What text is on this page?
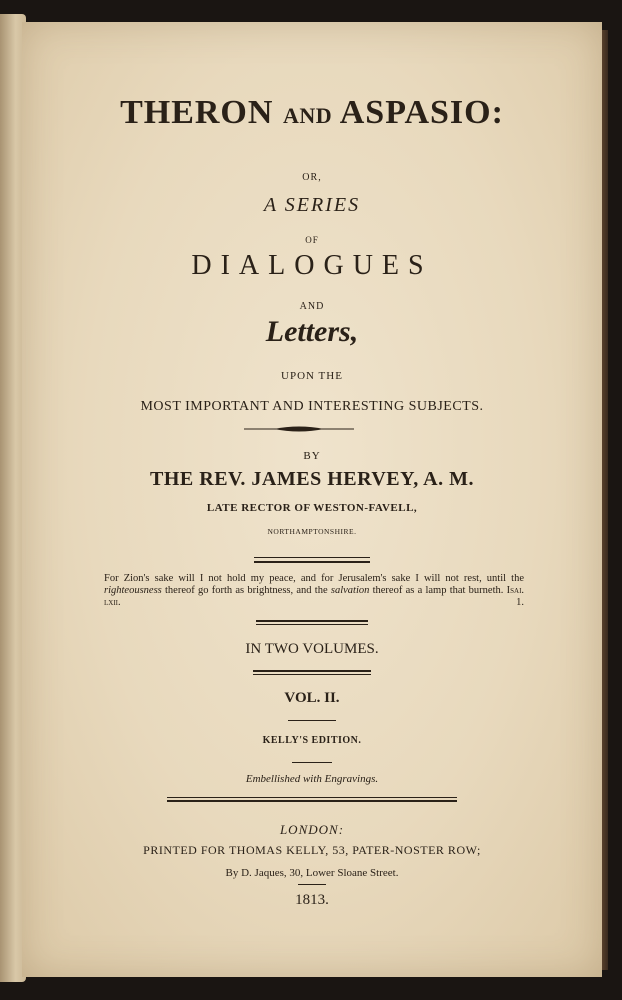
THERON AND ASPASIO:
OR,
A SERIES
OF
DIALOGUES
AND
Letters,
UPON THE
MOST IMPORTANT AND INTERESTING SUBJECTS.
BY
THE REV. JAMES HERVEY, A. M.
LATE RECTOR OF WESTON-FAVELL,
NORTHAMPTONSHIRE.
For Zion's sake will I not hold my peace, and for Jerusalem's sake I will not rest, until the righteousness thereof go forth as brightness, and the salvation thereof as a lamp that burneth. Isai. lxii. 1.
IN TWO VOLUMES.
VOL. II.
KELLY'S EDITION.
Embellished with Engravings.
LONDON:
PRINTED FOR THOMAS KELLY, 53, PATER-NOSTER ROW;
By D. Jaques, 30, Lower Sloane Street.
1813.
